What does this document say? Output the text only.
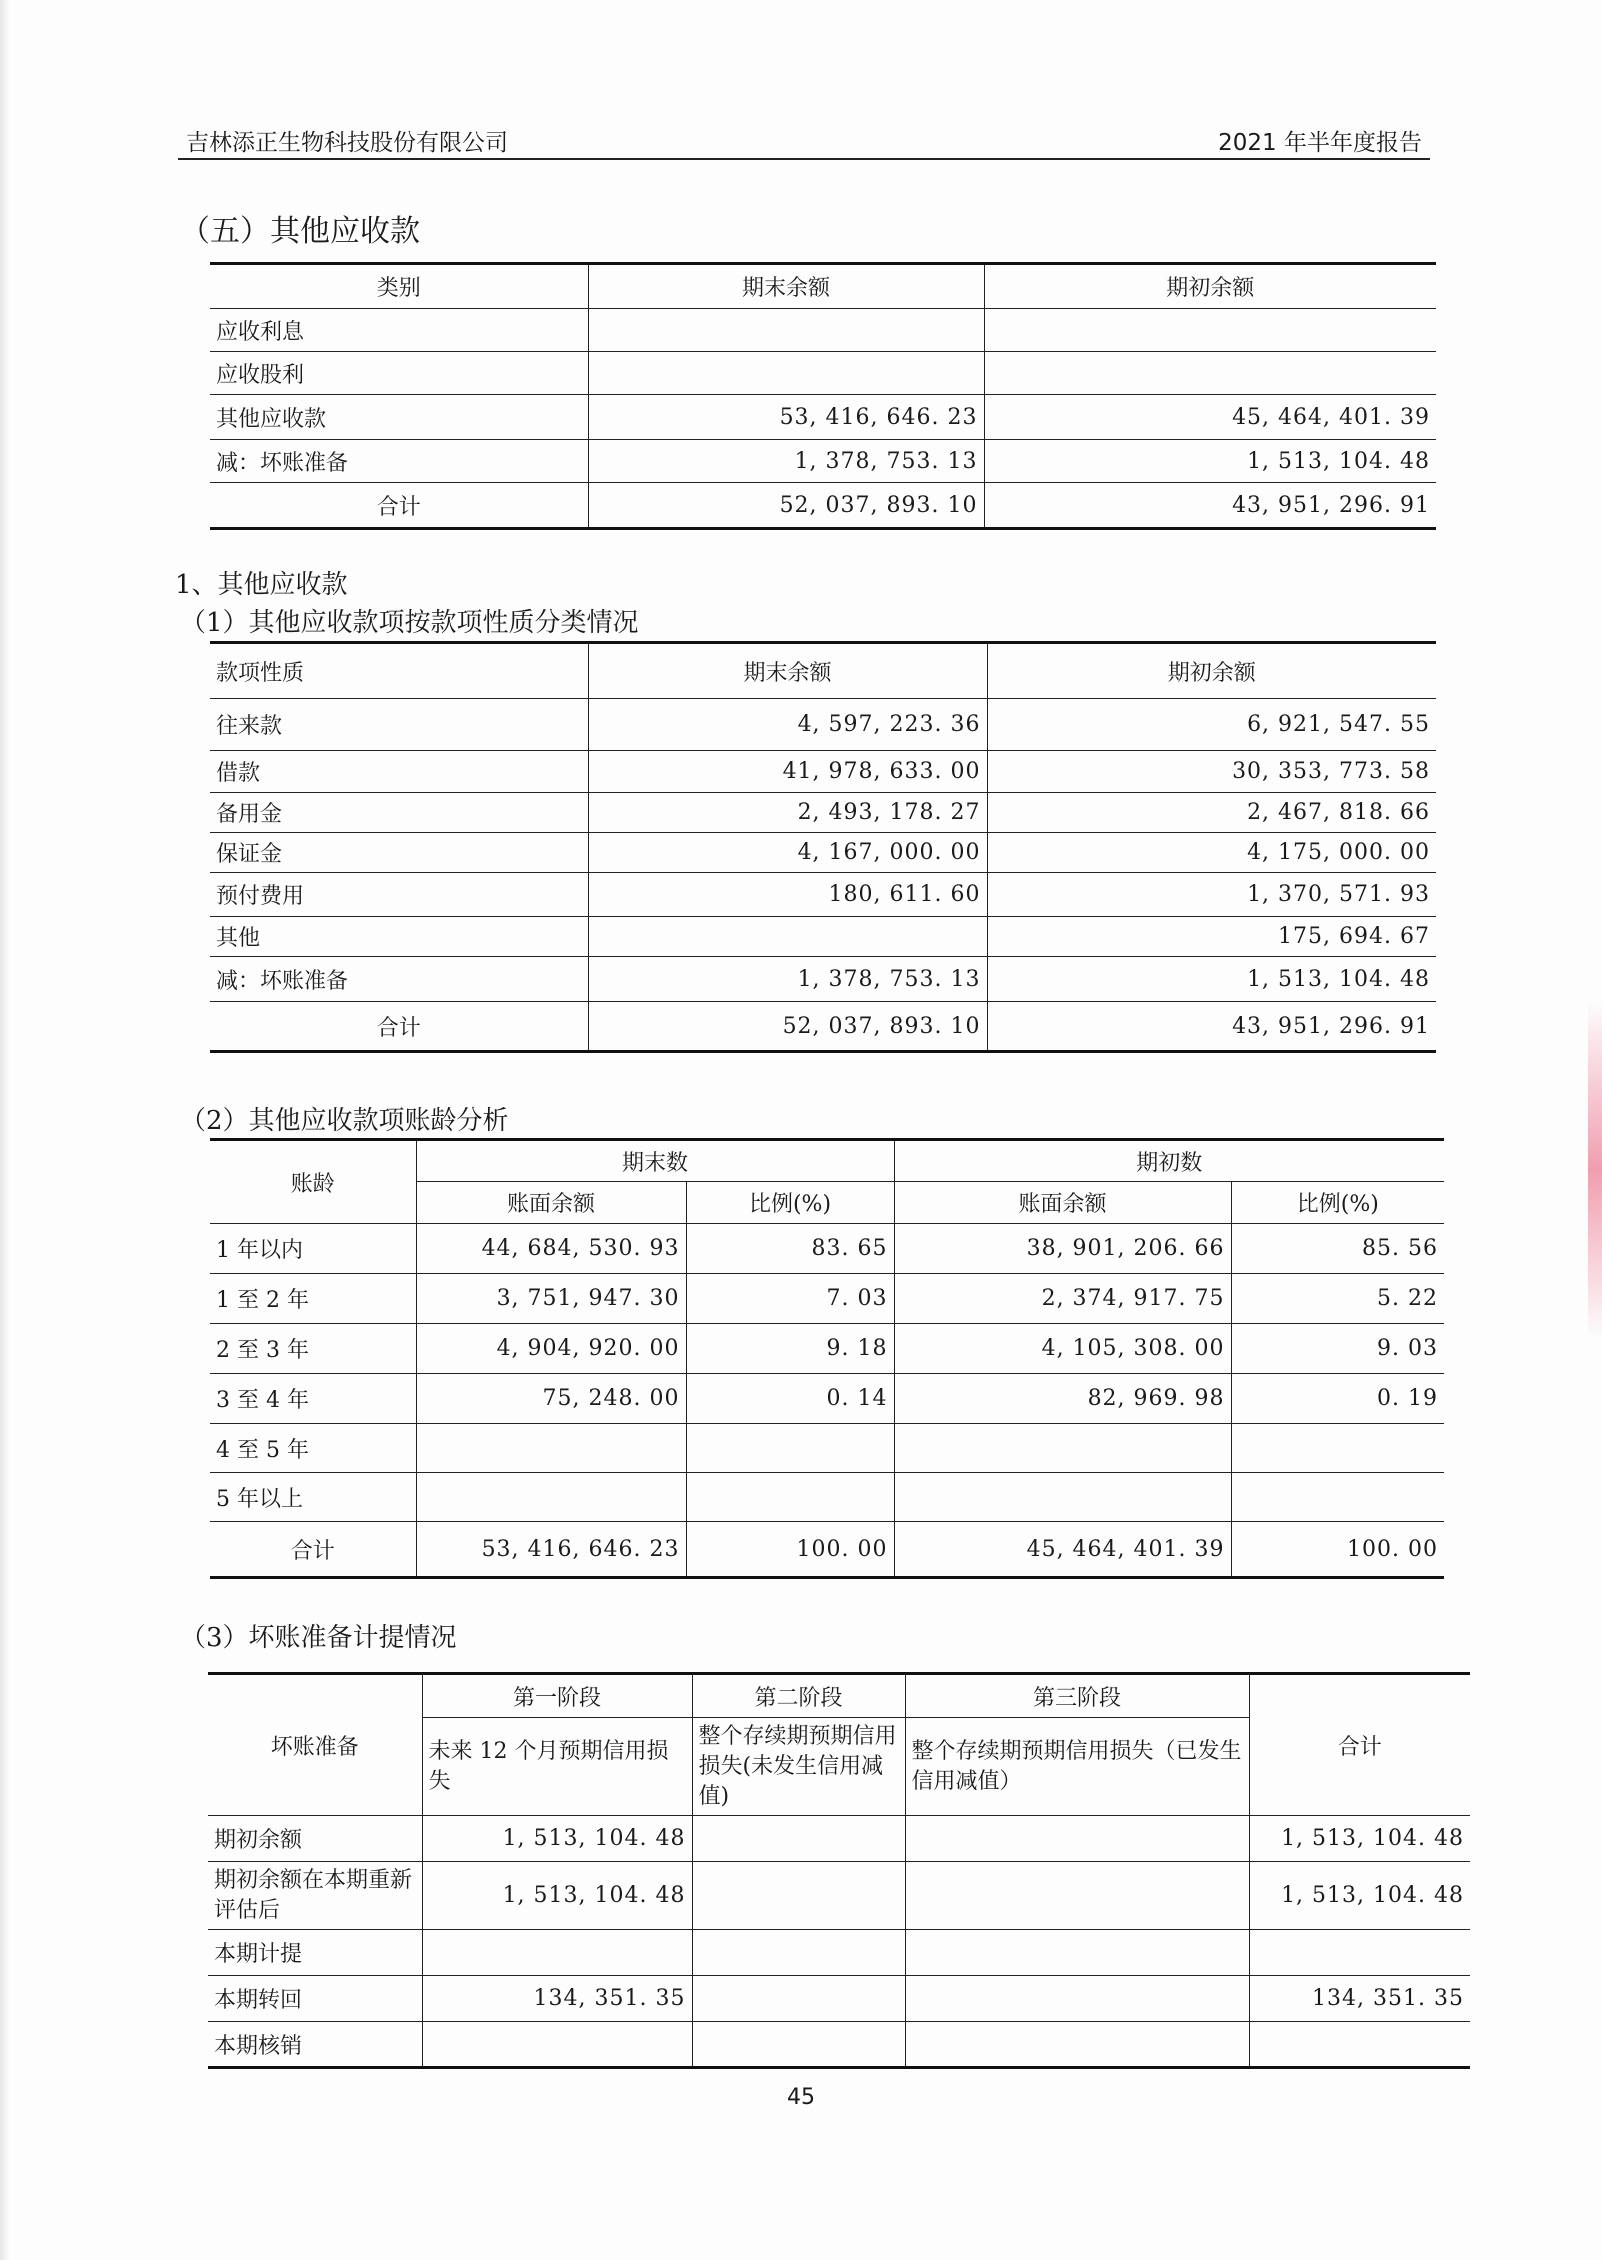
吉林添正生物科技股份有限公司	2021 年半年度报告
（五）其他应收款
类别	期末余额	期初余额
应收利息		
应收股利		
其他应收款	53, 416, 646. 23	45, 464, 401. 39
减：坏账准备	1, 378, 753. 13	1, 513, 104. 48
合计	52, 037, 893. 10	43, 951, 296. 91
1、其他应收款
（1）其他应收款项按款项性质分类情况
款项性质	期末余额	期初余额
往来款	4, 597, 223. 36	6, 921, 547. 55
借款	41, 978, 633. 00	30, 353, 773. 58
备用金	2, 493, 178. 27	2, 467, 818. 66
保证金	4, 167, 000. 00	4, 175, 000. 00
预付费用	180, 611. 60	1, 370, 571. 93
其他		175, 694. 67
减：坏账准备	1, 378, 753. 13	1, 513, 104. 48
合计	52, 037, 893. 10	43, 951, 296. 91
（2）其他应收款项账龄分析
账龄	期末数		期初数	
	账面余额	比例(%)	账面余额	比例(%)
1 年以内	44, 684, 530. 93	83. 65	38, 901, 206. 66	85. 56
1 至 2 年	3, 751, 947. 30	7. 03	2, 374, 917. 75	5. 22
2 至 3 年	4, 904, 920. 00	9. 18	4, 105, 308. 00	9. 03
3 至 4 年	75, 248. 00	0. 14	82, 969. 98	0. 19
4 至 5 年				
5 年以上				
合计	53, 416, 646. 23	100. 00	45, 464, 401. 39	100. 00
（3）坏账准备计提情况
坏账准备	第一阶段	第二阶段	第三阶段	合计
	未来 12 个月预期信用损失	整个存续期预期信用损失(未发生信用减值)	整个存续期预期信用损失（已发生信用减值）	
期初余额	1, 513, 104. 48			1, 513, 104. 48
期初余额在本期重新评估后	1, 513, 104. 48			1, 513, 104. 48
本期计提				
本期转回	134, 351. 35			134, 351. 35
本期核销				
45
